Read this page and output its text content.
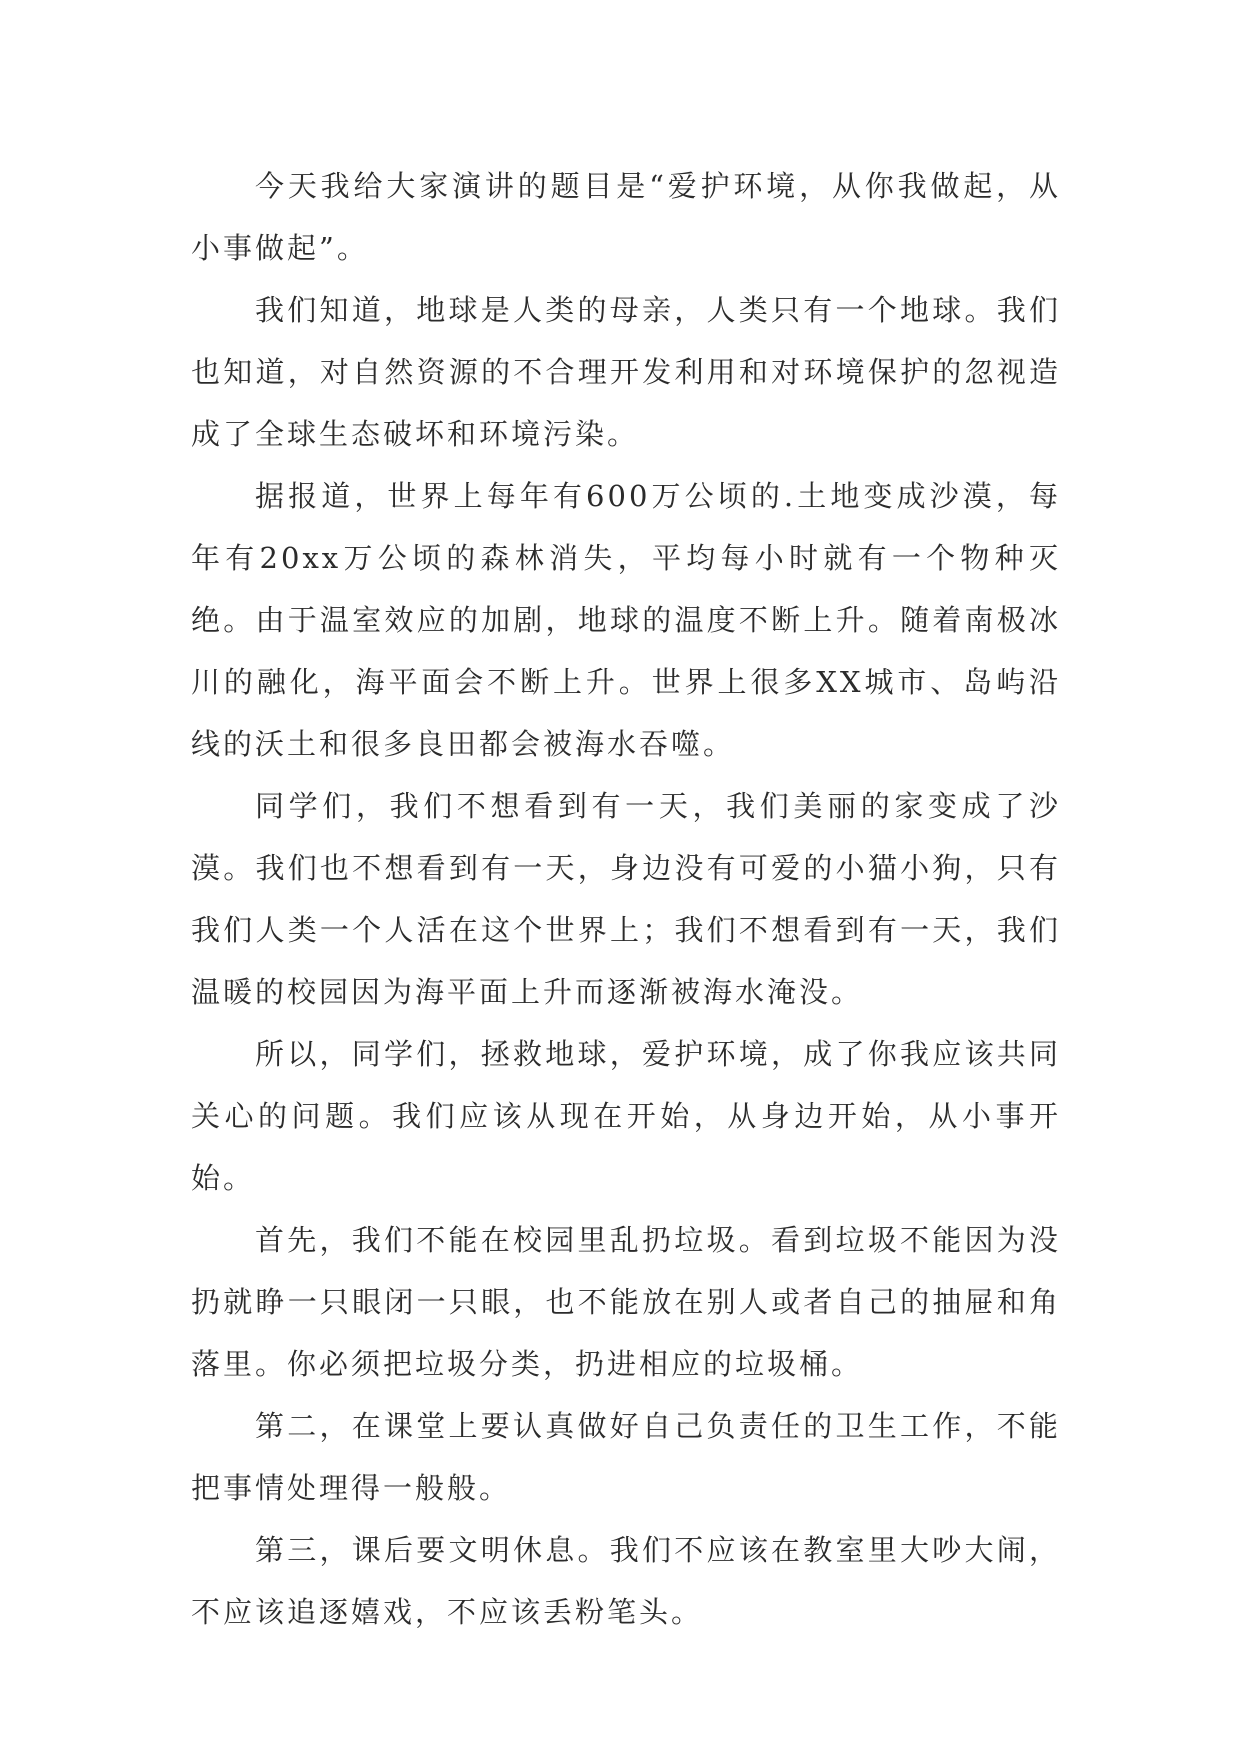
今天我给大家演讲的题目是“爱护环境，从你我做起，从小事做起”。

我们知道，地球是人类的母亲，人类只有一个地球。我们也知道，对自然资源的不合理开发利用和对环境保护的忽视造成了全球生态破坏和环境污染。

据报道，世界上每年有600万公顷的.土地变成沙漠，每年有20xx万公顷的森林消失，平均每小时就有一个物种灭绝。由于温室效应的加剧，地球的温度不断上升。随着南极冰川的融化，海平面会不断上升。世界上很多XX城市、岛屿沿线的沃土和很多良田都会被海水吞噬。

同学们，我们不想看到有一天，我们美丽的家变成了沙漠。我们也不想看到有一天，身边没有可爱的小猫小狗，只有我们人类一个人活在这个世界上；我们不想看到有一天，我们温暖的校园因为海平面上升而逐渐被海水淹没。

所以，同学们，拯救地球，爱护环境，成了你我应该共同关心的问题。我们应该从现在开始，从身边开始，从小事开始。

首先，我们不能在校园里乱扔垃圾。看到垃圾不能因为没扔就睁一只眼闭一只眼，也不能放在别人或者自己的抽屉和角落里。你必须把垃圾分类，扔进相应的垃圾桶。

第二，在课堂上要认真做好自己负责任的卫生工作，不能把事情处理得一般般。

第三，课后要文明休息。我们不应该在教室里大吵大闹，不应该追逐嬉戏，不应该丢粉笔头。
